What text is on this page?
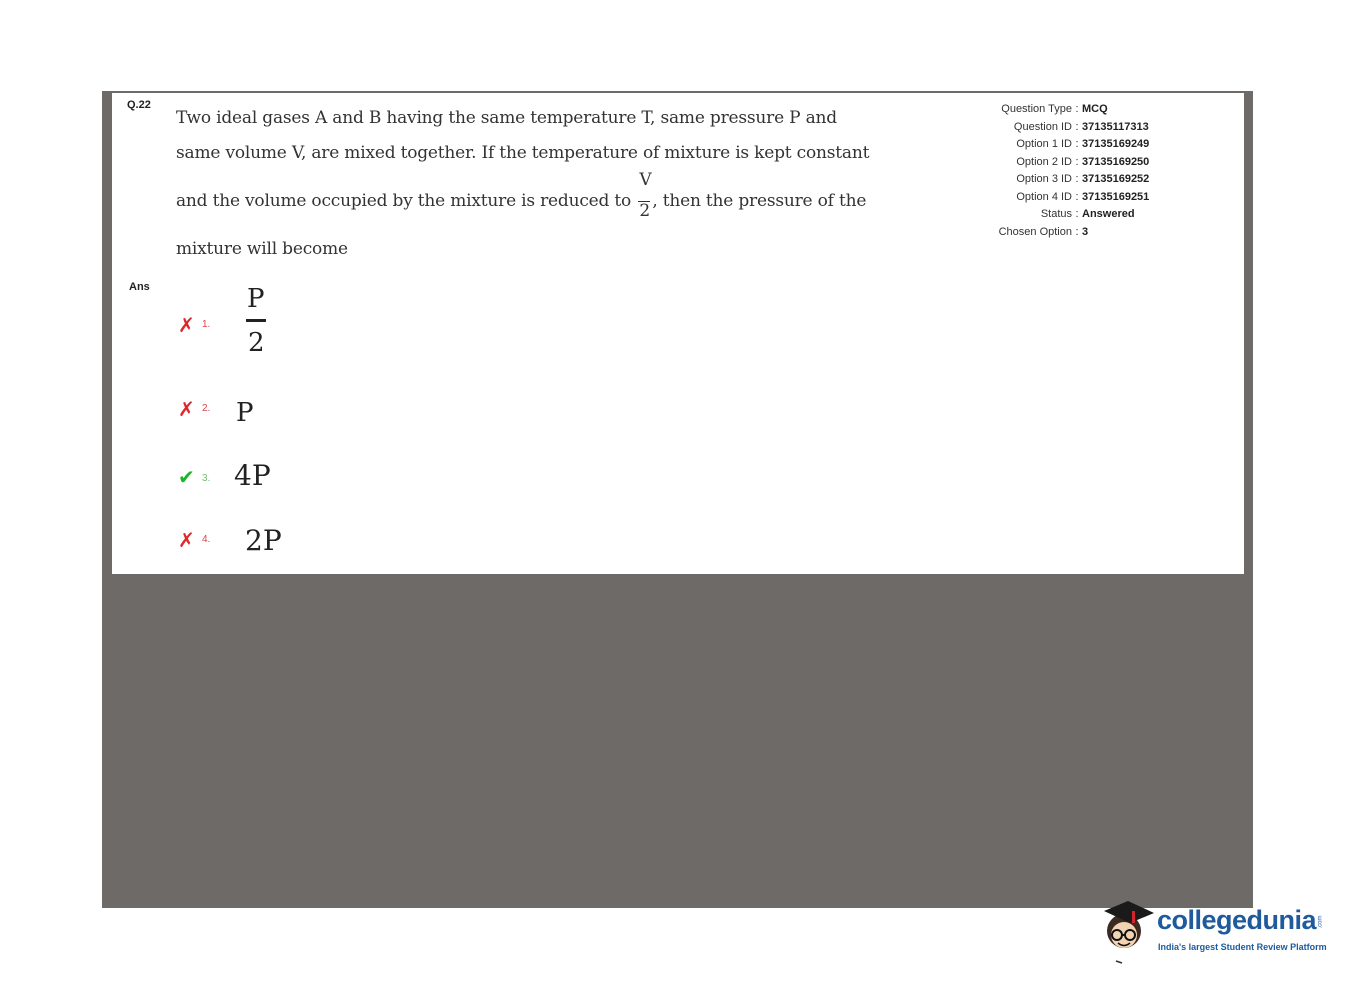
Q.22
Two ideal gases A and B having the same temperature T, same pressure P and
same volume V, are mixed together. If the temperature of mixture is kept constant
and the volume occupied by the mixture is reduced to $\frac{V}{2}$ , then the pressure of the
mixture will become
Ans
✗ 1.
P
2
✗ 2. P
✔ 3. 4P
✗ 4. 2P
Question Type : MCQ
Question ID : 37135117313
Option 1 ID : 37135169249
Option 2 ID : 37135169250
Option 3 ID : 37135169252
Option 4 ID : 37135169251
Status : Answered
Chosen Option : 3
collegedunia .com
India's largest Student Review Platform
